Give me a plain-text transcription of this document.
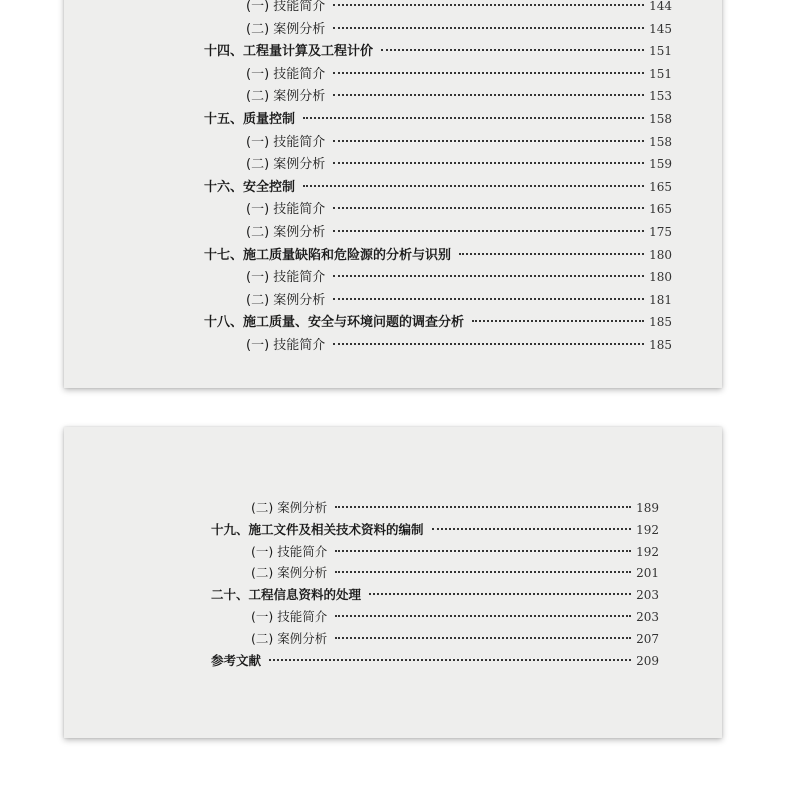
(一) 技能简介	144
(二) 案例分析	145
十四、工程量计算及工程计价	151
(一) 技能简介	151
(二) 案例分析	153
十五、质量控制	158
(一) 技能简介	158
(二) 案例分析	159
十六、安全控制	165
(一) 技能简介	165
(二) 案例分析	175
十七、施工质量缺陷和危险源的分析与识别	180
(一) 技能简介	180
(二) 案例分析	181
十八、施工质量、安全与环境问题的调查分析	185
(一) 技能简介	185
(二) 案例分析	189
十九、施工文件及相关技术资料的编制	192
(一) 技能简介	192
(二) 案例分析	201
二十、工程信息资料的处理	203
(一) 技能简介	203
(二) 案例分析	207
参考文献	209
